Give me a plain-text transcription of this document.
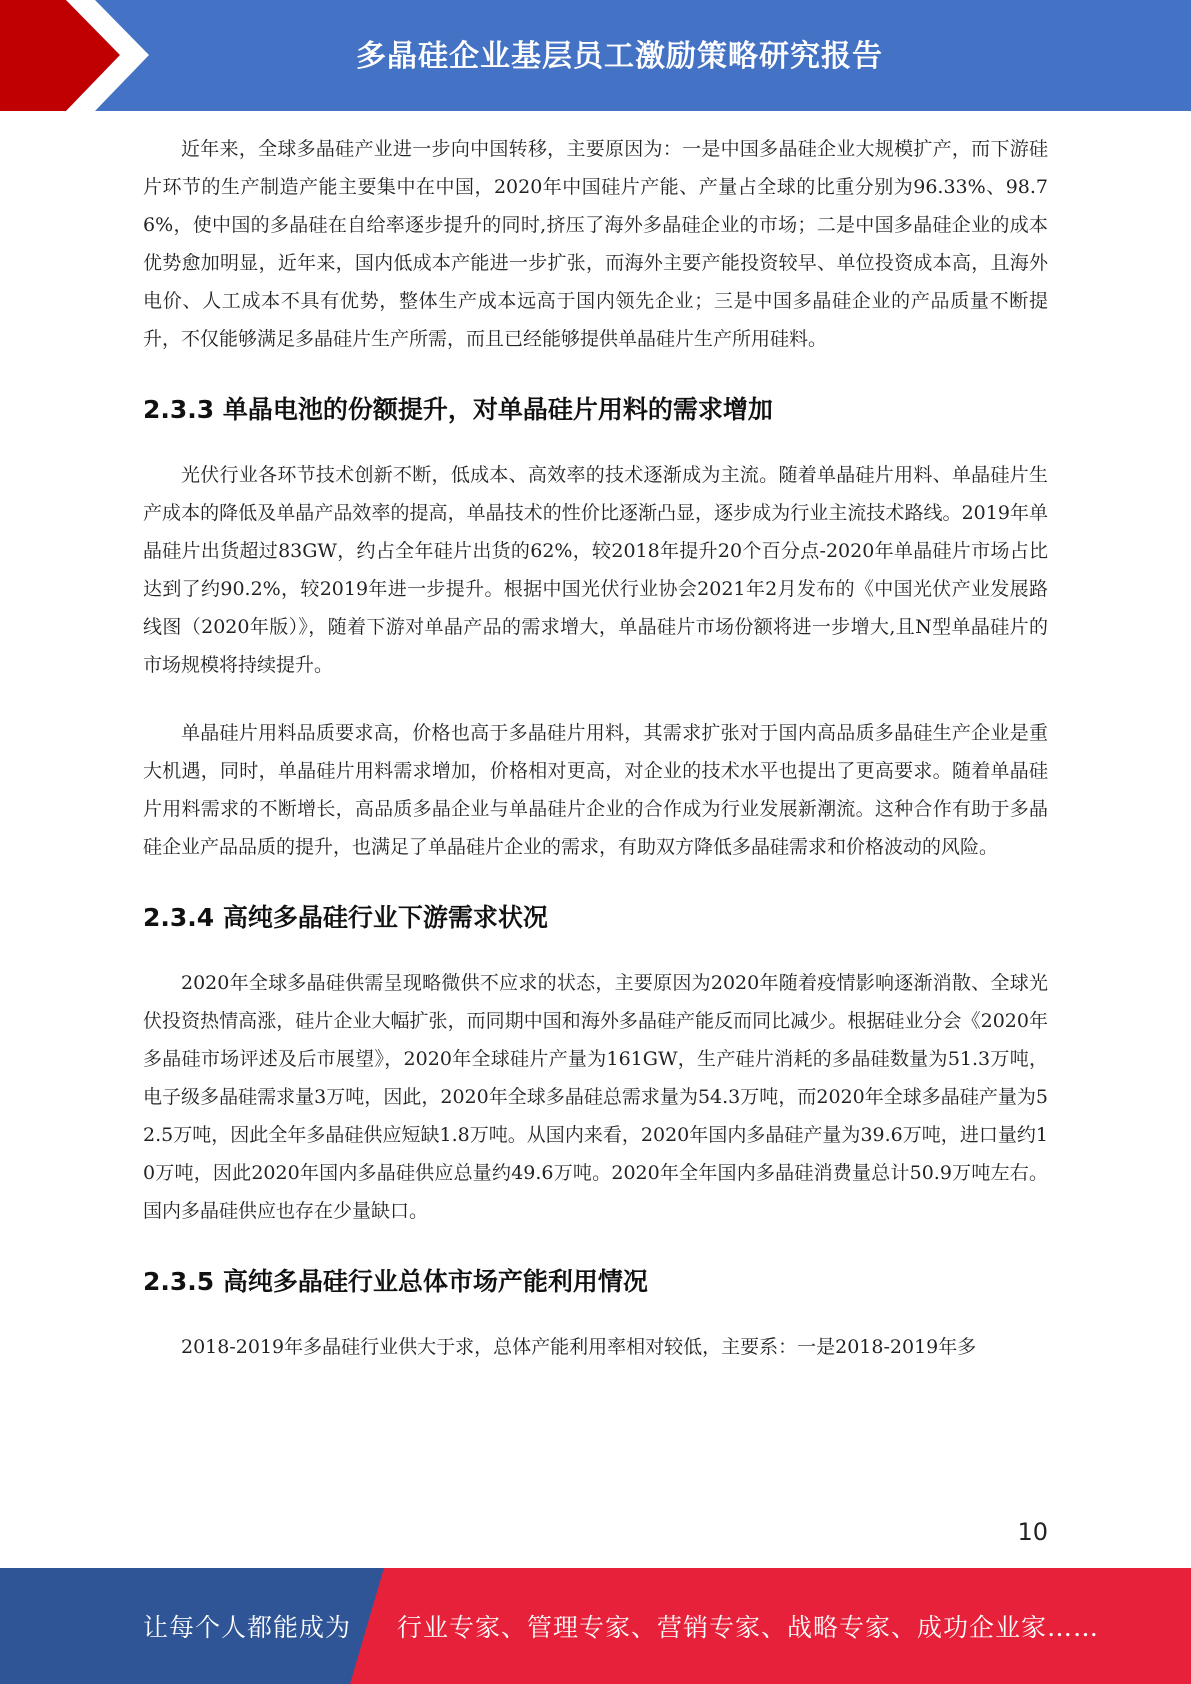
多晶硅企业基层员工激励策略研究报告

近年来，全球多晶硅产业进一步向中国转移，主要原因为：一是中国多晶硅企业大规模扩产，而下游硅片环节的生产制造产能主要集中在中国，2020年中国硅片产能、产量占全球的比重分别为96.33%、98.76%，使中国的多晶硅在自给率逐步提升的同时,挤压了海外多晶硅企业的市场；二是中国多晶硅企业的成本优势愈加明显，近年来，国内低成本产能进一步扩张，而海外主要产能投资较早、单位投资成本高，且海外电价、人工成本不具有优势，整体生产成本远高于国内领先企业；三是中国多晶硅企业的产品质量不断提升，不仅能够满足多晶硅片生产所需，而且已经能够提供单晶硅片生产所用硅料。

2.3.3 单晶电池的份额提升，对单晶硅片用料的需求增加

光伏行业各环节技术创新不断，低成本、高效率的技术逐渐成为主流。随着单晶硅片用料、单晶硅片生产成本的降低及单晶产品效率的提高，单晶技术的性价比逐渐凸显，逐步成为行业主流技术路线。2019年单晶硅片出货超过83GW，约占全年硅片出货的62%，较2018年提升20个百分点-2020年单晶硅片市场占比达到了约90.2%，较2019年进一步提升。根据中国光伏行业协会2021年2月发布的《中国光伏产业发展路线图（2020年版）》，随着下游对单晶产品的需求增大，单晶硅片市场份额将进一步增大,且N型单晶硅片的市场规模将持续提升。

单晶硅片用料品质要求高，价格也高于多晶硅片用料，其需求扩张对于国内高品质多晶硅生产企业是重大机遇，同时，单晶硅片用料需求增加，价格相对更高，对企业的技术水平也提出了更高要求。随着单晶硅片用料需求的不断增长，高品质多晶企业与单晶硅片企业的合作成为行业发展新潮流。这种合作有助于多晶硅企业产品品质的提升，也满足了单晶硅片企业的需求，有助双方降低多晶硅需求和价格波动的风险。

2.3.4 高纯多晶硅行业下游需求状况

2020年全球多晶硅供需呈现略微供不应求的状态，主要原因为2020年随着疫情影响逐渐消散、全球光伏投资热情高涨，硅片企业大幅扩张，而同期中国和海外多晶硅产能反而同比减少。根据硅业分会《2020年多晶硅市场评述及后市展望》，2020年全球硅片产量为161GW，生产硅片消耗的多晶硅数量为51.3万吨，电子级多晶硅需求量3万吨，因此，2020年全球多晶硅总需求量为54.3万吨，而2020年全球多晶硅产量为52.5万吨，因此全年多晶硅供应短缺1.8万吨。从国内来看，2020年国内多晶硅产量为39.6万吨，进口量约10万吨，因此2020年国内多晶硅供应总量约49.6万吨。2020年全年国内多晶硅消费量总计50.9万吨左右。国内多晶硅供应也存在少量缺口。

2.3.5 高纯多晶硅行业总体市场产能利用情况

2018-2019年多晶硅行业供大于求，总体产能利用率相对较低，主要系：一是2018-2019年多

10
让每个人都能成为 行业专家、管理专家、营销专家、战略专家、成功企业家……
